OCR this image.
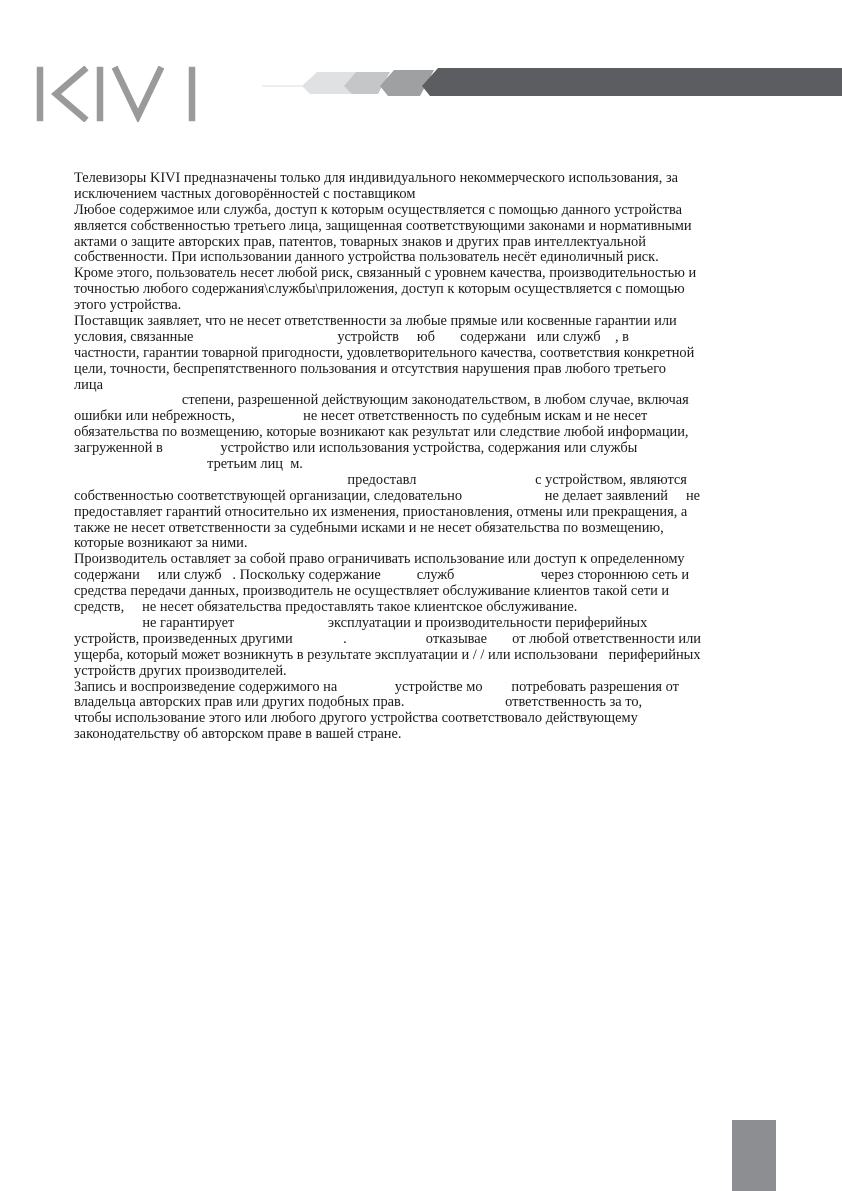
Телевизоры KIVI предназначены только для индивидуального некоммерческого использования, за
исключением частных договорённостей с поставщиком
Любое содержимое или служба, доступ к которым осуществляется с помощью данного устройства
является собственностью третьего лица, защищенная соответствующими законами и нормативными
актами о защите авторских прав, патентов, товарных знаков и других прав интеллектуальной
собственности. При использовании данного устройства пользователь несёт единоличный риск.
Кроме этого, пользователь несет любой риск, связанный с уровнем качества, производительностью и
точностью любого содержания\службы\приложения, доступ к которым осуществляется с помощью
этого устройства.
Поставщик заявляет, что не несет ответственности за любые прямые или косвенные гарантии или
условия, связанные                                        устройств     юб       содержани   или служб    , в
частности, гарантии товарной пригодности, удовлетворительного качества, соответствия конкретной
цели, точности, беспрепятственного пользования и отсутствия нарушения прав любого третьего
лица
степени, разрешенной действующим законодательством, в любом случае, включая
ошибки или небрежность,                   не несет ответственность по судебным искам и не несет
обязательства по возмещению, которые возникают как результат или следствие любой информации,
загруженной в                устройство или использования устройства, содержания или службы
третьим лиц  м.
предоставл                                 с устройством, являются
собственностью соответствующей организации, следовательно                       не делает заявлений     не
предоставляет гарантий относительно их изменения, приостановления, отмены или прекращения, а
также не несет ответственности за судебными исками и не несет обязательства по возмещению,
которые возникают за ними.
Производитель оставляет за собой право ограничивать использование или доступ к определенному
содержани     или служб   . Поскольку содержание          служб                        через стороннюю сеть и
средства передачи данных, производитель не осуществляет обслуживание клиентов такой сети и
средств,     не несет обязательства предоставлять такое клиентское обслуживание.
не гарантирует                          эксплуатации и производительности периферийных
устройств, произведенных другими              .                      отказывае       от любой ответственности или
ущерба, который может возникнуть в результате эксплуатации и / / или использовани   периферийных
устройств других производителей.
Запись и воспроизведение содержимого на                устройстве мо        потребовать разрешения от
владельца авторских прав или других подобных прав.                            ответственность за то,
чтобы использование этого или любого другого устройства соответствовало действующему
законодательству об авторском праве в вашей стране.
